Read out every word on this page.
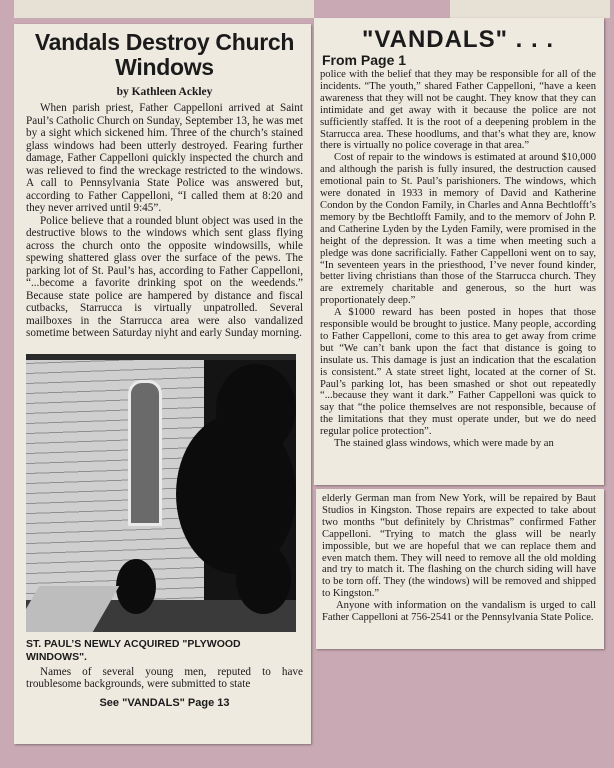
Vandals Destroy Church Windows
by Kathleen Ackley

When parish priest, Father Cappelloni arrived at Saint Paul’s Catholic Church on Sunday, September 13, he was met by a sight which sickened him. Three of the church’s stained glass windows had been utterly destroyed. Fearing further damage, Father Cappelloni quickly inspected the church and was relieved to find the wreckage restricted to the windows. A call to Pennsylvania State Police was answered but, according to Father Cappelloni, “I called them at 8:20 and they never arrived until 9:45”.

Police believe that a rounded blunt object was used in the destructive blows to the windows which sent glass flying across the church onto the opposite windowsills, while spewing shattered glass over the surface of the pews. The parking lot of St. Paul’s has, according to Father Cappelloni, “...become a favorite drinking spot on the weedends.” Because state police are hampered by distance and fiscal cutbacks, Starrucca is virtually unpatrolled. Several mailboxes in the Starrucca area were also vandalized sometime between Saturday niyht and early Sunday morning.

ST. PAUL’S NEWLY ACQUIRED "PLYWOOD WINDOWS".

Names of several young men, reputed to have troublesome backgrounds, were submitted to state

See "VANDALS" Page 13
"VANDALS" . . .
From Page 1

police with the belief that they may be responsible for all of the incidents. “The youth,” shared Father Cappelloni, “have a keen awareness that they will not be caught. They know that they can intimidate and get away with it because the police are not sufficiently staffed. It is the root of a deepening problem in the Starrucca area. These hoodlums, and that’s what they are, know there is virtually no police coverage in that area.”

Cost of repair to the windows is estimated at around $10,000 and although the parish is fully insured, the destruction caused emotional pain to St. Paul’s parishioners. The windows, which were donated in 1933 in memory of David and Katherine Condon by the Condon Family, in Charles and Anna Bechtlofft’s memory by tbe Bechtlofft Family, and to the memorv of John P. and Catherine Lyden by the Lyden Family, were promised in the height of the depression. It was a time when meeting such a pledge was done sacrificially. Father Cappelloni went on to say, “In seventeen years in the priesthood, I’ve never found kinder, better living christians than those of the Starrucca church. They are extremely charitable and generous, so the hurt was proportionately deep.”

A $1000 reward has been posted in hopes that those responsible would be brought to justice. Many people, according to Father Cappelloni, come to this area to get away from crime but “We can’t bank upon the fact that distance is going to insulate us. This damage is just an indication that the escalation is consistent.” A state street light, located at the corner of St. Paul’s parking lot, has been smashed or shot out repeatedly “...because they want it dark.” Father Cappelloni was quick to say that “the police themselves are not responsible, because of the limitations that they must operate under, but we do need regular police protection”.

The stained glass windows, which were made by an

elderly German man from New York, will be repaired by Baut Studios in Kingston. Those repairs are expected to take about two months “but definitely by Christmas” confirmed Father Cappelloni. “Trying to match the glass will be nearly impossible, but we are hopeful that we can replace them and even match them. They will need to remove all the old molding and try to match it. The flashing on the church siding will have to be torn off. They (the windows) will be removed and shipped to Kingston.”

Anyone with information on the vandalism is urged to call Father Cappelloni at 756-2541 or the Pennsylvania State Police.
